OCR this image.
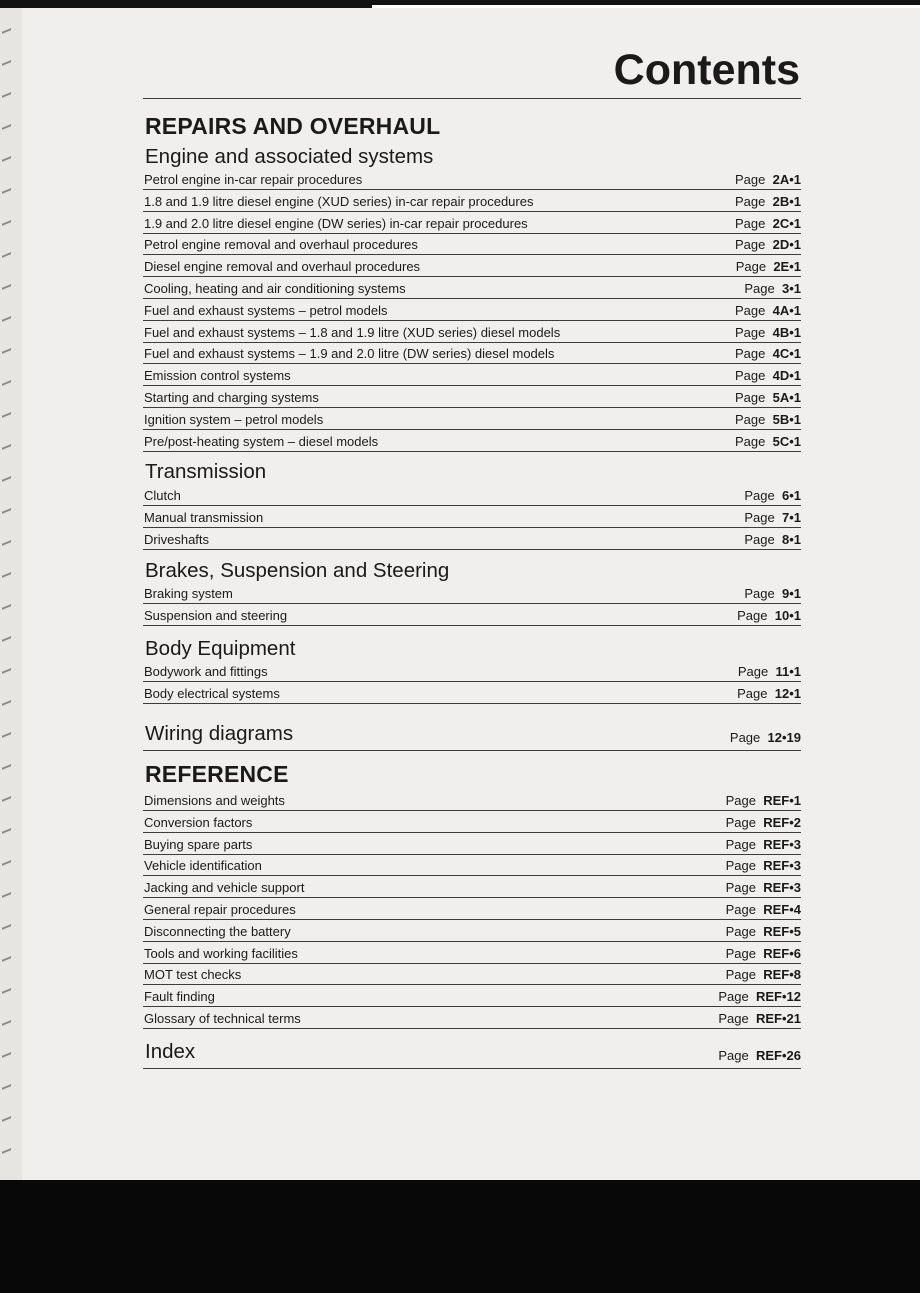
Contents
REPAIRS AND OVERHAUL
Engine and associated systems
Petrol engine in-car repair procedures	Page 2A•1
1.8 and 1.9 litre diesel engine (XUD series) in-car repair procedures	Page 2B•1
1.9 and 2.0 litre diesel engine (DW series) in-car repair procedures	Page 2C•1
Petrol engine removal and overhaul procedures	Page 2D•1
Diesel engine removal and overhaul procedures	Page 2E•1
Cooling, heating and air conditioning systems	Page 3•1
Fuel and exhaust systems – petrol models	Page 4A•1
Fuel and exhaust systems – 1.8 and 1.9 litre (XUD series) diesel models	Page 4B•1
Fuel and exhaust systems – 1.9 and 2.0 litre (DW series) diesel models	Page 4C•1
Emission control systems	Page 4D•1
Starting and charging systems	Page 5A•1
Ignition system – petrol models	Page 5B•1
Pre/post-heating system – diesel models	Page 5C•1
Transmission
Clutch	Page 6•1
Manual transmission	Page 7•1
Driveshafts	Page 8•1
Brakes, Suspension and Steering
Braking system	Page 9•1
Suspension and steering	Page 10•1
Body Equipment
Bodywork and fittings	Page 11•1
Body electrical systems	Page 12•1
Wiring diagrams	Page 12•19
REFERENCE
Dimensions and weights	Page REF•1
Conversion factors	Page REF•2
Buying spare parts	Page REF•3
Vehicle identification	Page REF•3
Jacking and vehicle support	Page REF•3
General repair procedures	Page REF•4
Disconnecting the battery	Page REF•5
Tools and working facilities	Page REF•6
MOT test checks	Page REF•8
Fault finding	Page REF•12
Glossary of technical terms	Page REF•21
Index	Page REF•26
